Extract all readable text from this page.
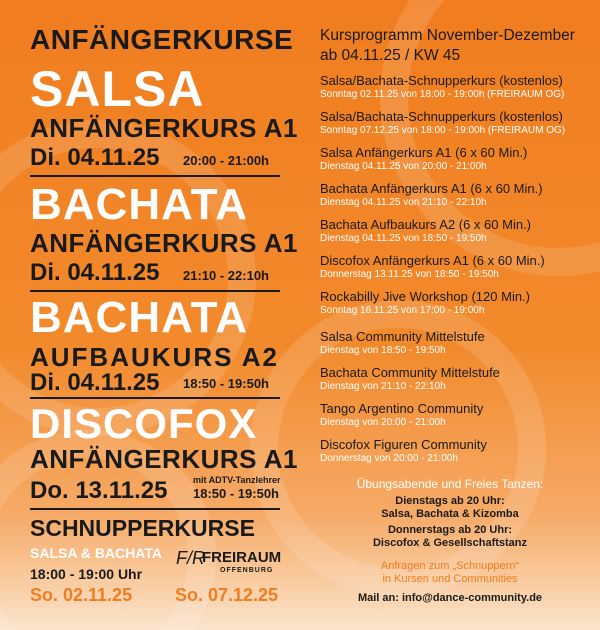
ANFÄNGERKURSE

SALSA

ANFÄNGERKURS A1

Di. 04.11.25 20:00 - 21:00h

BACHATA

ANFÄNGERKURS A1

Di. 04.11.25 21:10 - 22:10h

BACHATA

AUFBAUKURS A2

Di. 04.11.25 18:50 - 19:50h

DISCOFOX

ANFÄNGERKURS A1

Do. 13.11.25	mit ADTV-Tanzlehrer

18:50 - 19:50h

SCHNUPPERKURSE

SALSA & BACHATA

18:00 - 19:00 Uhr

So. 02.11.25 So. 07.12.25

F/R

FREIRAUM

OFFENBURG

Kursprogramm November-Dezember

ab 04.11.25 / KW 45

Salsa/Bachata-Schnupperkurs (kostenlos)

Sonntag 02.11.25 von 18:00 - 19:00h (FREIRAUM OG)

Salsa/Bachata-Schnupperkurs (kostenlos)

Sonntag 07.12.25 von 18:00 - 19:00h (FREIRAUM OG)

Salsa Anfängerkurs A1 (6 x 60 Min.)

Dienstag 04.11.25 von 20:00 - 21:00h

Bachata Anfängerkurs A1 (6 x 60 Min.)

Dienstag 04.11.25 von 21:10 - 22:10h

Bachata Aufbaukurs A2 (6 x 60 Min.)

Dienstag 04.11.25 von 18:50 - 19:50h

Discofox Anfängerkurs A1 (6 x 60 Min.)

Donnerstag 13.11.25 von 18:50 - 19:50h

Rockabilly Jive Workshop (120 Min.)

Sonntag 16.11.25 von 17:00 - 19:00h

Salsa Community Mittelstufe

Dienstag von 18:50 - 19:50h

Bachata Community Mittelstufe

Dienstag von 21:10 - 22:10h

Tango Argentino Community

Dienstag von 20:00 - 21:00h

Discofox Figuren Community

Donnerstag von 20:00 - 21:00h

Übungsabende und Freies Tanzen:

Dienstags ab 20 Uhr:

Salsa, Bachata & Kizomba

Donnerstags ab 20 Uhr:

Discofox & Gesellschaftstanz

Anfragen zum „Schnuppern“

in Kursen und Communities

Mail an: info@dance-community.de
